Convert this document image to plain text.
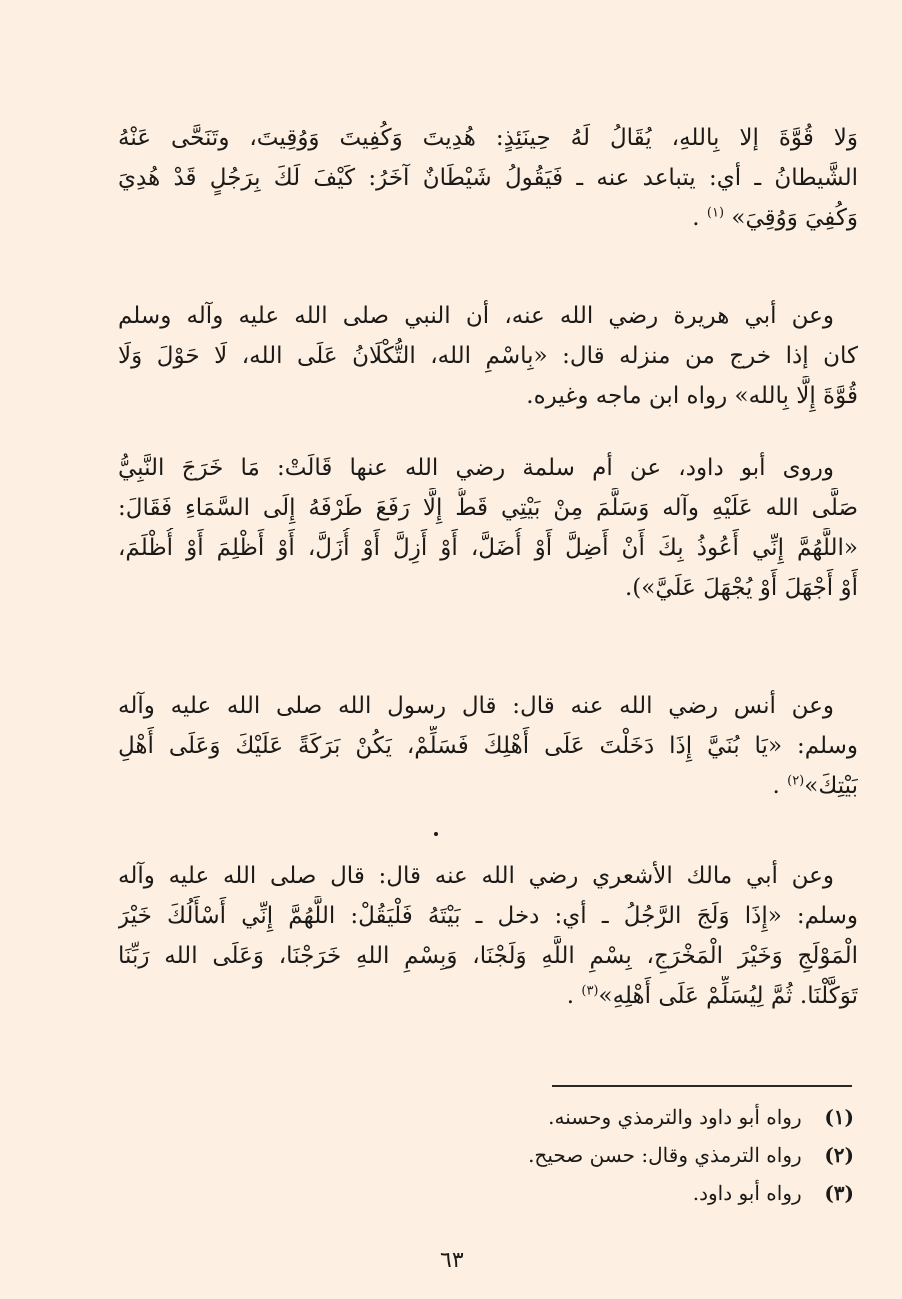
وَلا قُوَّةَ إلا بِاللهِ، يُقَالُ لَهُ حِينَئِذٍ: هُدِيتَ وَكُفِيتَ وَوُقِيتَ، وتَنَحَّى عَنْهُ
الشَّيطانُ ـ أي: يتباعد عنه ـ فَيَقُولُ شَيْطَانٌ آخَرُ: كَيْفَ لَكَ بِرَجُلٍ قَدْ هُدِيَ
وَكُفِيَ وَوُقِيَ» $^{(١)}$ .
وعن أبي هريرة رضي الله عنه، أن النبي صلى الله عليه وآله وسلم
كان إذا خرج من منزله قال: «بِاسْمِ الله، التُّكْلَانُ عَلَى الله، لَا حَوْلَ وَلَا
قُوَّةَ إِلَّا بِالله» رواه ابن ماجه وغيره.
وروى أبو داود، عن أم سلمة رضي الله عنها قَالَتْ: مَا خَرَجَ النَّبِيُّ
صَلَّى الله عَلَيْهِ وآله وَسَلَّمَ مِنْ بَيْتِي قَطُّ إِلَّا رَفَعَ طَرْفَهُ إِلَى السَّمَاءِ فَقَالَ:
«اللَّهُمَّ إِنِّي أَعُوذُ بِكَ أَنْ أَضِلَّ أَوْ أُضَلَّ، أَوْ أَزِلَّ أَوْ أُزَلَّ، أَوْ أَظْلِمَ أَوْ أُظْلَمَ،
أَوْ أَجْهَلَ أَوْ يُجْهَلَ عَلَيَّ»).
وعن أنس رضي الله عنه قال: قال رسول الله صلى الله عليه وآله
وسلم: «يَا بُنَيَّ إِذَا دَخَلْتَ عَلَى أَهْلِكَ فَسَلِّمْ، يَكُنْ بَرَكَةً عَلَيْكَ وَعَلَى أَهْلِ
بَيْتِكَ»$^{(٢)}$ .
وعن أبي مالك الأشعري رضي الله عنه قال: قال صلى الله عليه وآله
وسلم: «إِذَا وَلَجَ الرَّجُلُ ـ أي: دخل ـ بَيْتَهُ فَلْيَقُلْ: اللَّهُمَّ إِنِّي أَسْأَلُكَ خَيْرَ
الْمَوْلَجِ وَخَيْرَ الْمَخْرَجِ، بِسْمِ اللَّهِ وَلَجْنَا، وَبِسْمِ اللهِ خَرَجْنَا، وَعَلَى الله رَبِّنَا
تَوَكَّلْنَا. ثُمَّ لِيُسَلِّمْ عَلَى أَهْلِهِ»$^{(٣)}$ .
(١) رواه أبو داود والترمذي وحسنه.
(٢) رواه الترمذي وقال: حسن صحيح.
(٣) رواه أبو داود.
٦٣
